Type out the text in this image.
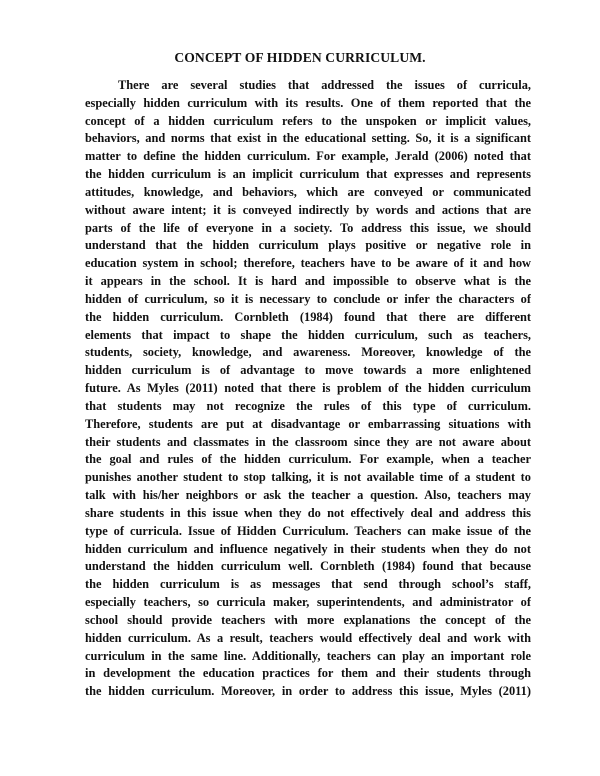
CONCEPT OF HIDDEN CURRICULUM.
There are several studies that addressed the issues of curricula,
especially hidden curriculum with its results. One of them reported that the
concept of a hidden curriculum refers to the unspoken or implicit values,
behaviors, and norms that exist in the educational setting. So, it is a significant
matter to define the hidden curriculum. For example, Jerald (2006) noted that
the hidden curriculum is an implicit curriculum that expresses and represents
attitudes, knowledge, and behaviors, which are conveyed or communicated
without aware intent; it is conveyed indirectly by words and actions that are
parts of the life of everyone in a society. To address this issue, we should
understand that the hidden curriculum plays positive or negative role in
education system in school; therefore, teachers have to be aware of it and how
it appears in the school. It is hard and impossible to observe what is the
hidden of curriculum, so it is necessary to conclude or infer the characters of
the hidden curriculum. Cornbleth (1984) found that there are different
elements that impact to shape the hidden curriculum, such as teachers,
students, society, knowledge, and awareness. Moreover, knowledge of the
hidden curriculum is of advantage to move towards a more enlightened
future. As Myles (2011) noted that there is problem of the hidden curriculum
that students may not recognize the rules of this type of curriculum.
Therefore, students are put at disadvantage or embarrassing situations with
their students and classmates in the classroom since they are not aware about
the goal and rules of the hidden curriculum. For example, when a teacher
punishes another student to stop talking, it is not available time of a student to
talk with his/her neighbors or ask the teacher a question. Also, teachers may
share students in this issue when they do not effectively deal and address this
type of curricula. Issue of Hidden Curriculum. Teachers can make issue of the
hidden curriculum and influence negatively in their students when they do not
understand the hidden curriculum well. Cornbleth (1984) found that because
the hidden curriculum is as messages that send through school’s staff,
especially teachers, so curricula maker, superintendents, and administrator of
school should provide teachers with more explanations the concept of the
hidden curriculum. As a result, teachers would effectively deal and work with
curriculum in the same line. Additionally, teachers can play an important role
in development the education practices for them and their students through
the hidden curriculum. Moreover, in order to address this issue, Myles (2011)
